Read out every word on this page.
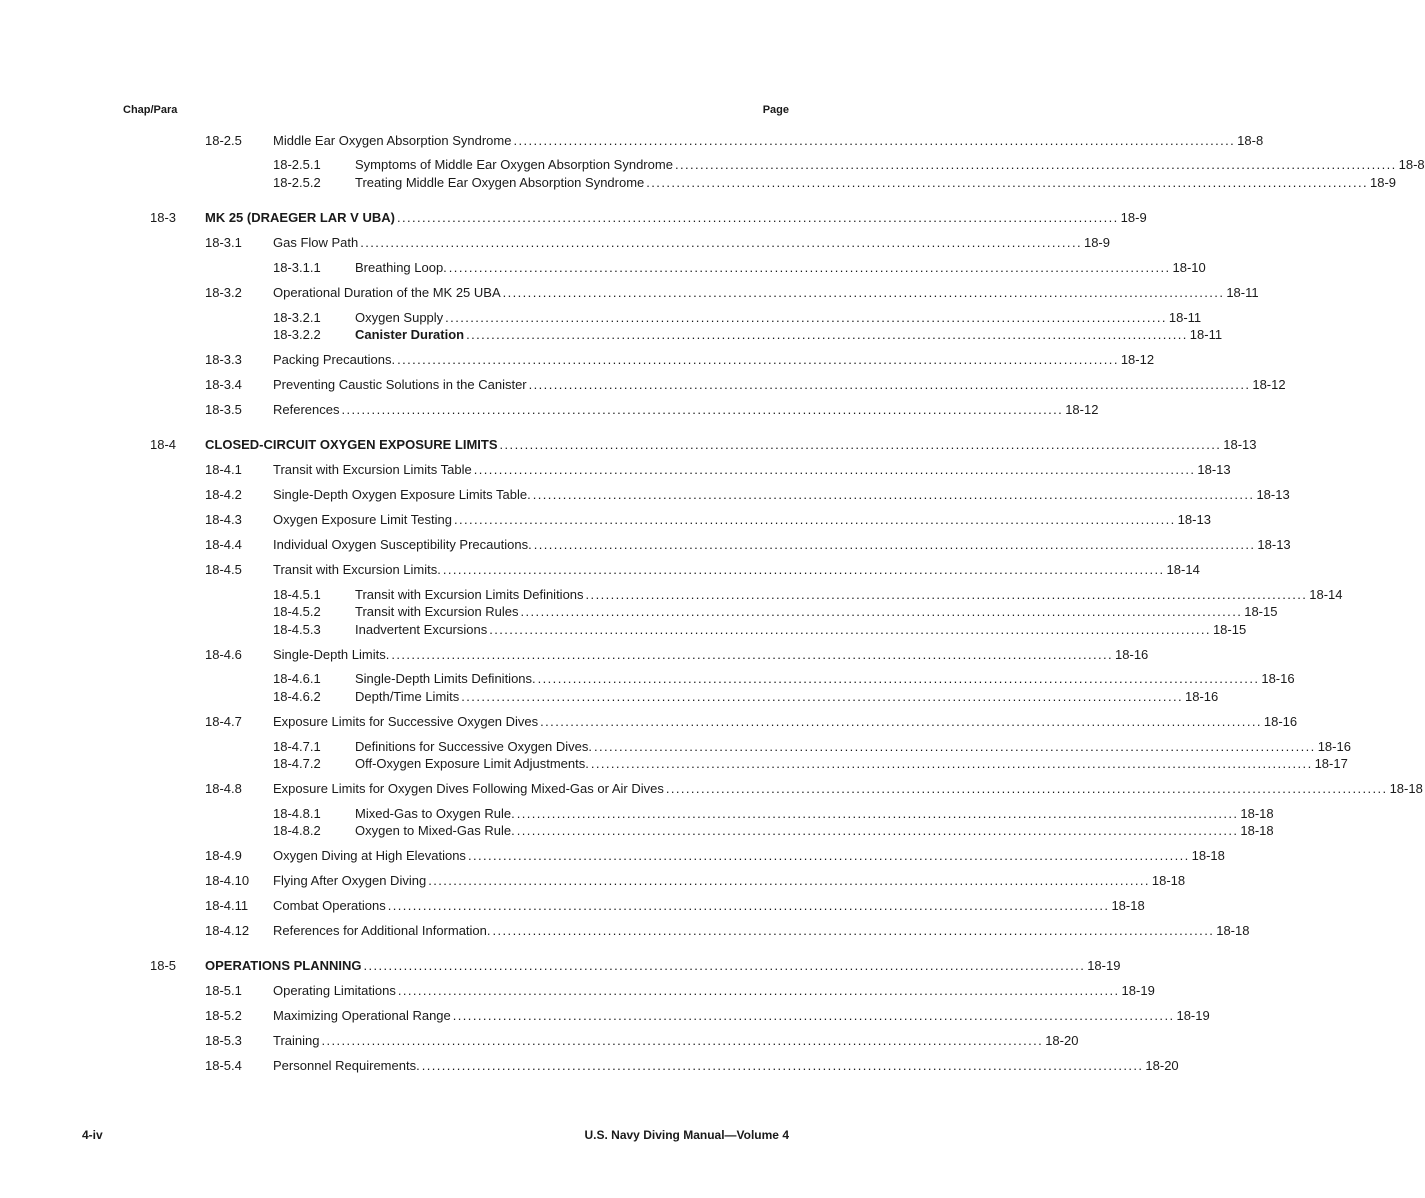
Chap/Para	Page
18-2.5 Middle Ear Oxygen Absorption Syndrome ................................................................................................................................................ 18-8
18-2.5.1	Symptoms of Middle Ear Oxygen Absorption Syndrome ................................................................................................................................................ 18-8
18-2.5.2	Treating Middle Ear Oxygen Absorption Syndrome ................................................................................................................................................ 18-9
18-3 MK 25 (DRAEGER LAR V UBA) ................................................................................................................................................ 18-9
18-3.1 Gas Flow Path ................................................................................................................................................ 18-9
18-3.1.1	Breathing Loop. ................................................................................................................................................ 18-10
18-3.2 Operational Duration of the MK 25 UBA ................................................................................................................................................ 18-11
18-3.2.1	Oxygen Supply ................................................................................................................................................ 18-11
18-3.2.2	Canister Duration ................................................................................................................................................ 18-11
18-3.3 Packing Precautions. ................................................................................................................................................ 18-12
18-3.4 Preventing Caustic Solutions in the Canister ................................................................................................................................................ 18-12
18-3.5 References ................................................................................................................................................ 18-12
18-4 CLOSED-CIRCUIT OXYGEN EXPOSURE LIMITS ................................................................................................................................................ 18-13
18-4.1 Transit with Excursion Limits Table ................................................................................................................................................ 18-13
18-4.2 Single-Depth Oxygen Exposure Limits Table. ................................................................................................................................................ 18-13
18-4.3 Oxygen Exposure Limit Testing ................................................................................................................................................ 18-13
18-4.4 Individual Oxygen Susceptibility Precautions. ................................................................................................................................................ 18-13
18-4.5 Transit with Excursion Limits. ................................................................................................................................................ 18-14
18-4.5.1	Transit with Excursion Limits Definitions ................................................................................................................................................ 18-14
18-4.5.2	Transit with Excursion Rules ................................................................................................................................................ 18-15
18-4.5.3	Inadvertent Excursions ................................................................................................................................................ 18-15
18-4.6 Single-Depth Limits. ................................................................................................................................................ 18-16
18-4.6.1	Single-Depth Limits Definitions. ................................................................................................................................................ 18-16
18-4.6.2	Depth/Time Limits ................................................................................................................................................ 18-16
18-4.7 Exposure Limits for Successive Oxygen Dives ................................................................................................................................................ 18-16
18-4.7.1	Definitions for Successive Oxygen Dives. ................................................................................................................................................ 18-16
18-4.7.2	Off-Oxygen Exposure Limit Adjustments. ................................................................................................................................................ 18-17
18-4.8 Exposure Limits for Oxygen Dives Following Mixed-Gas or Air Dives ................................................................................................................................................ 18-18
18-4.8.1	Mixed-Gas to Oxygen Rule. ................................................................................................................................................ 18-18
18-4.8.2	Oxygen to Mixed-Gas Rule. ................................................................................................................................................ 18-18
18-4.9 Oxygen Diving at High Elevations ................................................................................................................................................ 18-18
18-4.10 Flying After Oxygen Diving ................................................................................................................................................ 18-18
18-4.11 Combat Operations ................................................................................................................................................ 18-18
18-4.12 References for Additional Information. ................................................................................................................................................ 18-18
18-5 OPERATIONS PLANNING ................................................................................................................................................ 18-19
18-5.1 Operating Limitations ................................................................................................................................................ 18-19
18-5.2 Maximizing Operational Range ................................................................................................................................................ 18-19
18-5.3 Training ................................................................................................................................................ 18-20
18-5.4 Personnel Requirements. ................................................................................................................................................ 18-20
4-iv	U.S. Navy Diving Manual—Volume 4
